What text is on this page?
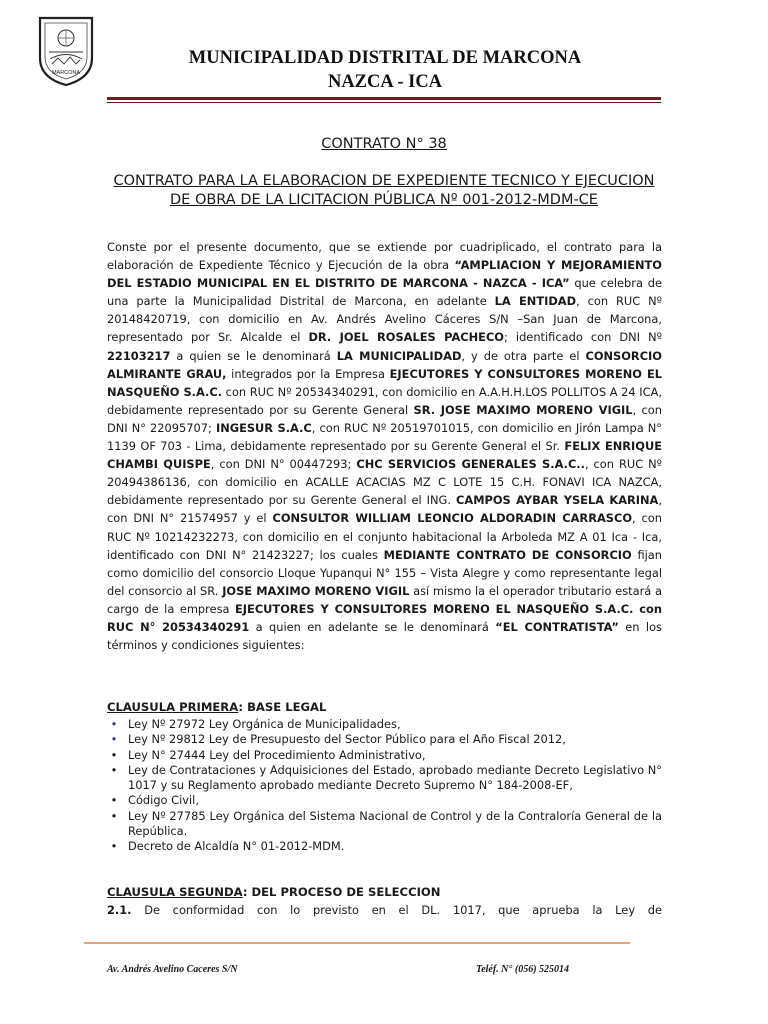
MARCONA
MUNICIPALIDAD DISTRITAL DE MARCONA
NAZCA - ICA
CONTRATO N° 38
CONTRATO PARA LA ELABORACION DE EXPEDIENTE TECNICO Y EJECUCION DE OBRA DE LA LICITACION PÚBLICA Nº 001-2012-MDM-CE

Conste por el presente documento, que se extiende por cuadriplicado, el contrato para la elaboración de Expediente Técnico y Ejecución de la obra “AMPLIACION Y MEJORAMIENTO DEL ESTADIO MUNICIPAL EN EL DISTRITO DE MARCONA - NAZCA - ICA” que celebra de una parte la Municipalidad Distrital de Marcona, en adelante LA ENTIDAD, con RUC Nº 20148420719, con domicilio en Av. Andrés Avelino Cáceres S/N –San Juan de Marcona, representado por Sr. Alcalde el DR. JOEL ROSALES PACHECO; identificado con DNI Nº 22103217 a quien se le denominará LA MUNICIPALIDAD, y de otra parte el CONSORCIO ALMIRANTE GRAU, integrados por la Empresa EJECUTORES Y CONSULTORES MORENO EL NASQUEÑO S.A.C. con RUC Nº 20534340291, con domicilio en A.A.H.H.LOS POLLITOS A 24 ICA, debidamente representado por su Gerente General SR. JOSE MAXIMO MORENO VIGIL, con DNI N° 22095707; INGESUR S.A.C, con RUC Nº 20519701015, con domicilio en Jirón Lampa N° 1139 OF 703 - Lima, debidamente representado por su Gerente General el Sr. FELIX ENRIQUE CHAMBI QUISPE, con DNI N° 00447293; CHC SERVICIOS GENERALES S.A.C.., con RUC Nº 20494386136, con domicilio en ACALLE ACACIAS MZ C LOTE 15 C.H. FONAVI ICA NAZCA, debidamente representado por su Gerente General el ING. CAMPOS AYBAR YSELA KARINA, con DNI N° 21574957 y el CONSULTOR WILLIAM LEONCIO ALDORADIN CARRASCO, con RUC Nº 10214232273, con domicilio en el conjunto habitacional la Arboleda MZ A 01 Ica - Ica, identificado con DNI N° 21423227; los cuales MEDIANTE CONTRATO DE CONSORCIO fijan como domicilio del consorcio Lloque Yupanqui N° 155 – Vista Alegre y como representante legal del consorcio al SR. JOSE MAXIMO MORENO VIGIL así mismo la el operador tributario estará a cargo de la empresa EJECUTORES Y CONSULTORES MORENO EL NASQUEÑO S.A.C. con RUC N° 20534340291 a quien en adelante se le denominará “EL CONTRATISTA” en los términos y condiciones siguientes:

CLAUSULA PRIMERA: BASE LEGAL
• Ley Nº 27972 Ley Orgánica de Municipalidades,
• Ley Nº 29812 Ley de Presupuesto del Sector Público para el Año Fiscal 2012,
• Ley N° 27444 Ley del Procedimiento Administrativo,
• Ley de Contrataciones y Adquisiciones del Estado, aprobado mediante Decreto Legislativo N° 1017 y su Reglamento aprobado mediante Decreto Supremo N° 184-2008-EF,
• Código Civil,
• Ley Nº 27785 Ley Orgánica del Sistema Nacional de Control y de la Contraloría General de la República.
• Decreto de Alcaldía N° 01-2012-MDM.
CLAUSULA SEGUNDA: DEL PROCESO DE SELECCION
2.1. De conformidad con lo previsto en el DL. 1017, que aprueba la Ley de
Av. Andrés Avelino Caceres S/N	Teléf. N° (056) 525014
